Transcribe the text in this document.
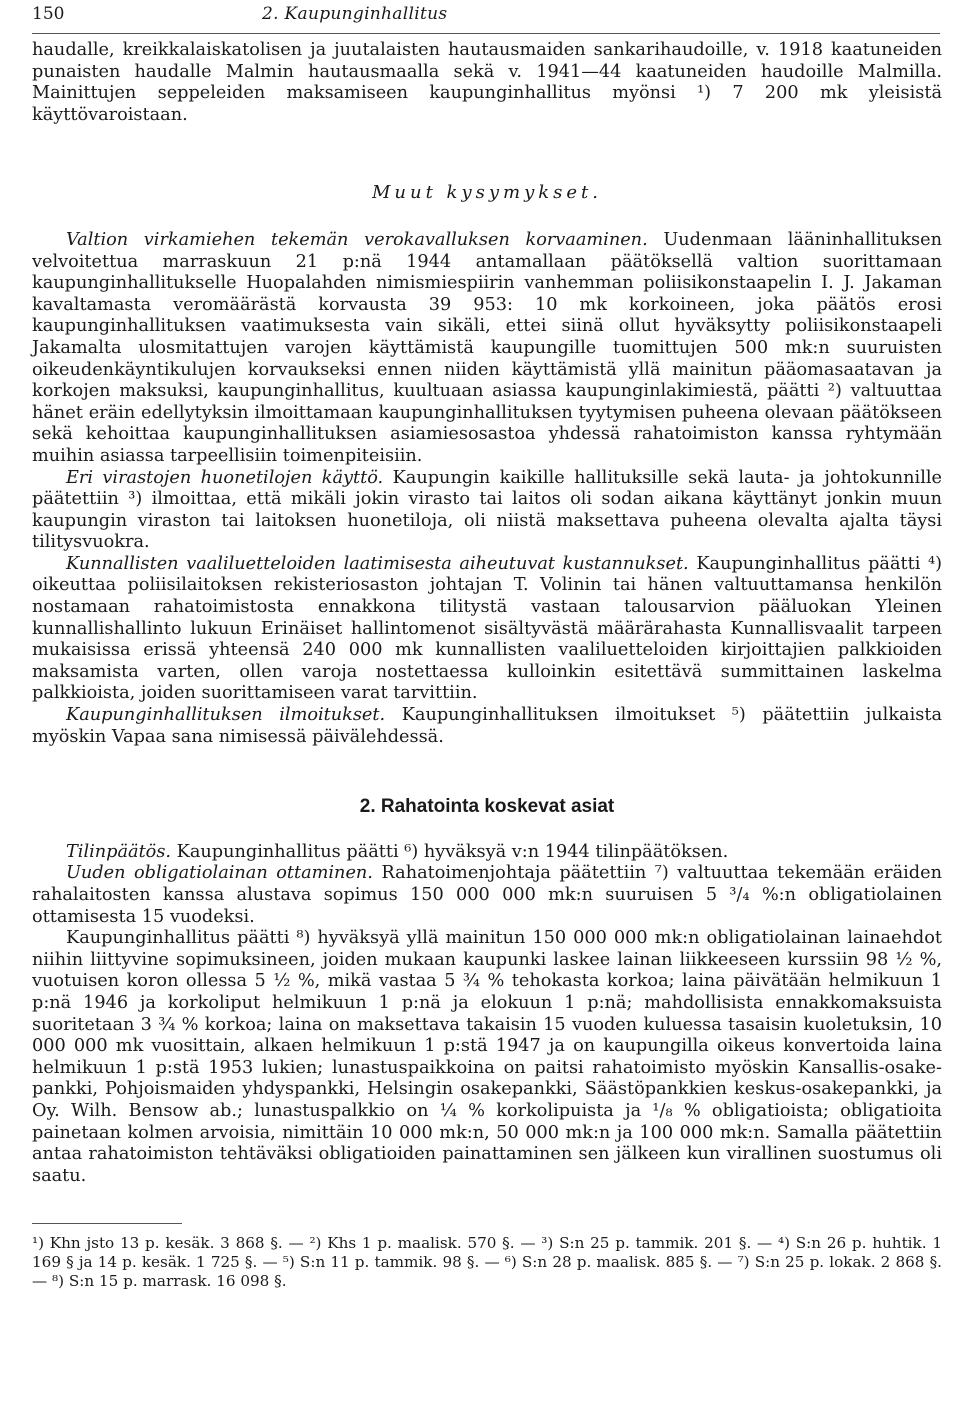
150	2. Kaupunginhallitus

haudalle, kreikkalaiskatolisen ja juutalaisten hautausmaiden sankarihaudoille, v. 1918 kaatuneiden punaisten haudalle Malmin hautausmaalla sekä v. 1941—44 kaatuneiden haudoille Malmilla. Mainittujen seppeleiden maksamiseen kaupunginhallitus myönsi ¹) 7 200 mk yleisistä käyttövaroistaan.

Muut kysymykset.

Valtion virkamiehen tekemän verokavalluksen korvaaminen. Uudenmaan lääninhallituksen velvoitettua marraskuun 21 p:nä 1944 antamallaan päätöksellä valtion suorittamaan kaupunginhallitukselle Huopalahden nimismiespiirin vanhemman poliisikonstaapelin I. J. Jakaman kavaltamasta veromäärästä korvausta 39 953: 10 mk korkoineen, joka päätös erosi kaupunginhallituksen vaatimuksesta vain sikäli, ettei siinä ollut hyväksytty poliisikonstaapeli Jakamalta ulosmitattujen varojen käyttämistä kaupungille tuomittujen 500 mk:n suuruisten oikeudenkäyntikulujen korvaukseksi ennen niiden käyttämistä yllä mainitun pääomasaatavan ja korkojen maksuksi, kaupunginhallitus, kuultuaan asiassa kaupunginlakimiestä, päätti ²) valtuuttaa hänet eräin edellytyksin ilmoittamaan kaupunginhallituksen tyytymisen puheena olevaan päätökseen sekä kehoittaa kaupunginhallituksen asiamiesosastoa yhdessä rahatoimiston kanssa ryhtymään muihin asiassa tarpeellisiin toimenpiteisiin.

Eri virastojen huonetilojen käyttö. Kaupungin kaikille hallituksille sekä lauta- ja johtokunnille päätettiin ³) ilmoittaa, että mikäli jokin virasto tai laitos oli sodan aikana käyttänyt jonkin muun kaupungin viraston tai laitoksen huonetiloja, oli niistä maksettava puheena olevalta ajalta täysi tilitysvuokra.

Kunnallisten vaaliluetteloiden laatimisesta aiheutuvat kustannukset. Kaupunginhallitus päätti ⁴) oikeuttaa poliisilaitoksen rekisteriosaston johtajan T. Volinin tai hänen valtuuttamansa henkilön nostamaan rahatoimistosta ennakkona tilitystä vastaan talousarvion pääluokan Yleinen kunnallishallinto lukuun Erinäiset hallintomenot sisältyvästä määrärahasta Kunnallisvaalit tarpeen mukaisissa erissä yhteensä 240 000 mk kunnallisten vaaliluetteloiden kirjoittajien palkkioiden maksamista varten, ollen varoja nostettaessa kulloinkin esitettävä summittainen laskelma palkkioista, joiden suorittamiseen varat tarvittiin.

Kaupunginhallituksen ilmoitukset. Kaupunginhallituksen ilmoitukset ⁵) päätettiin julkaista myöskin Vapaa sana nimisessä päivälehdessä.

2. Rahatointa koskevat asiat

Tilinpäätös. Kaupunginhallitus päätti ⁶) hyväksyä v:n 1944 tilinpäätöksen.

Uuden obligatiolainan ottaminen. Rahatoimenjohtaja päätettiin ⁷) valtuuttaa tekemään eräiden rahalaitosten kanssa alustava sopimus 150 000 000 mk:n suuruisen 5 ³/₄ %:n obligatiolainen ottamisesta 15 vuodeksi.

Kaupunginhallitus päätti ⁸) hyväksyä yllä mainitun 150 000 000 mk:n obligatiolainan lainaehdot niihin liittyvine sopimuksineen, joiden mukaan kaupunki laskee lainan liikkeeseen kurssiin 98 ½ %, vuotuisen koron ollessa 5 ½ %, mikä vastaa 5 ¾ % tehokasta korkoa; laina päivätään helmikuun 1 p:nä 1946 ja korkoliput helmikuun 1 p:nä ja elokuun 1 p:nä; mahdollisista ennakkomaksuista suoritetaan 3 ¾ % korkoa; laina on maksettava takaisin 15 vuoden kuluessa tasaisin kuoletuksin, 10 000 000 mk vuosittain, alkaen helmikuun 1 p:stä 1947 ja on kaupungilla oikeus konvertoida laina helmikuun 1 p:stä 1953 lukien; lunastuspaikkoina on paitsi rahatoimisto myöskin Kansallis-osake-pankki, Pohjoismaiden yhdyspankki, Helsingin osakepankki, Säästöpankkien keskus-osakepankki, ja Oy. Wilh. Bensow ab.; lunastuspalkkio on ¼ % korkolipuista ja ¹/₈ % obligatioista; obligatioita painetaan kolmen arvoisia, nimittäin 10 000 mk:n, 50 000 mk:n ja 100 000 mk:n. Samalla päätettiin antaa rahatoimiston tehtäväksi obligatioiden painattaminen sen jälkeen kun virallinen suostumus oli saatu.

¹) Khn jsto 13 p. kesäk. 3 868 §. — ²) Khs 1 p. maalisk. 570 §. — ³) S:n 25 p. tammik. 201 §. — ⁴) S:n 26 p. huhtik. 1 169 § ja 14 p. kesäk. 1 725 §. — ⁵) S:n 11 p. tammik. 98 §. — ⁶) S:n 28 p. maalisk. 885 §. — ⁷) S:n 25 p. lokak. 2 868 §. — ⁸) S:n 15 p. marrask. 16 098 §.
